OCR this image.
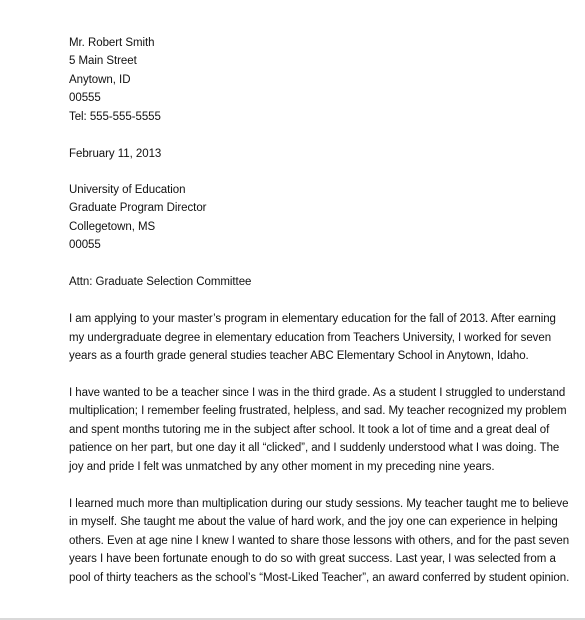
Mr. Robert Smith
5 Main Street
Anytown, ID
00555
Tel: 555-555-5555
February 11, 2013
University of Education
Graduate Program Director
Collegetown, MS
00055
Attn: Graduate Selection Committee
I am applying to your master’s program in elementary education for the fall of 2013. After earning
my undergraduate degree in elementary education from Teachers University, I worked for seven
years as a fourth grade general studies teacher ABC Elementary School in Anytown, Idaho.
I have wanted to be a teacher since I was in the third grade. As a student I struggled to understand
multiplication; I remember feeling frustrated, helpless, and sad. My teacher recognized my problem
and spent months tutoring me in the subject after school. It took a lot of time and a great deal of
patience on her part, but one day it all “clicked”, and I suddenly understood what I was doing. The
joy and pride I felt was unmatched by any other moment in my preceding nine years.
I learned much more than multiplication during our study sessions. My teacher taught me to believe
in myself. She taught me about the value of hard work, and the joy one can experience in helping
others. Even at age nine I knew I wanted to share those lessons with others, and for the past seven
years I have been fortunate enough to do so with great success. Last year, I was selected from a
pool of thirty teachers as the school’s “Most-Liked Teacher”, an award conferred by student opinion.
